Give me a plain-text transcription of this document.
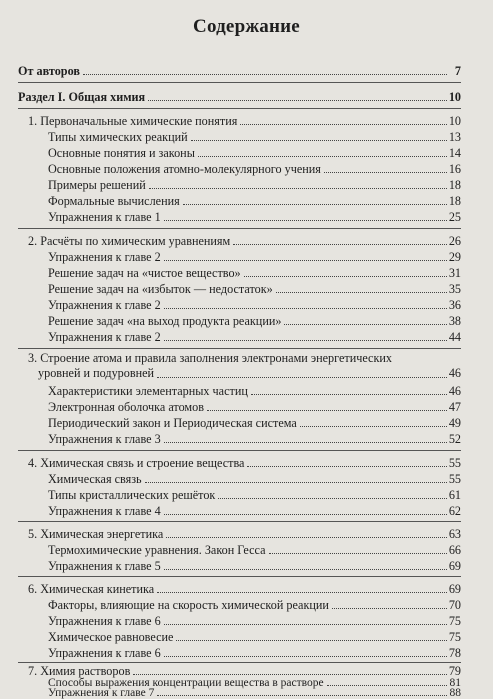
Содержание
От авторов	7
Раздел I. Общая химия	10
1. Первоначальные химические понятия	10
Типы химических реакций	13
Основные понятия и законы	14
Основные положения атомно-молекулярного учения	16
Примеры решений	18
Формальные вычисления	18
Упражнения к главе 1	25
2. Расчёты по химическим уравнениям	26
Упражнения к главе 2	29
Решение задач на «чистое вещество»	31
Решение задач на «избыток — недостаток»	35
Упражнения к главе 2	36
Решение задач «на выход продукта реакции»	38
Упражнения к главе 2	44
3. Строение атома и правила заполнения электронами энергетических
уровней и подуровней	46
Характеристики элементарных частиц	46
Электронная оболочка атомов	47
Периодический закон и Периодическая система	49
Упражнения к главе 3	52
4. Химическая связь и строение вещества	55
Химическая связь	55
Типы кристаллических решёток	61
Упражнения к главе 4	62
5. Химическая энергетика	63
Термохимические уравнения. Закон Гесса	66
Упражнения к главе 5	69
6. Химическая кинетика	69
Факторы, влияющие на скорость химической реакции	70
Упражнения к главе 6	75
Химическое равновесие	75
Упражнения к главе 6	78
7. Химия растворов	79
Способы выражения концентрации вещества в растворе	81
Упражнения к главе 7	88
